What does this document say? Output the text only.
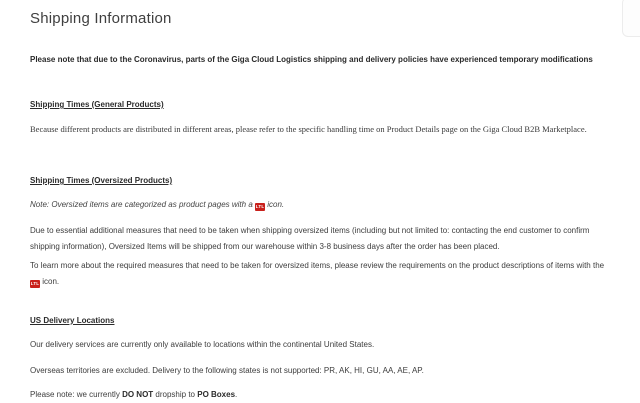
Shipping Information

Please note that due to the Coronavirus, parts of the Giga Cloud Logistics shipping and delivery policies have experienced temporary modifications

Shipping Times (General Products)

Because different products are distributed in different areas, please refer to the specific handling time on Product Details page on the Giga Cloud B2B Marketplace.

Shipping Times (Oversized Products)

Note: Oversized items are categorized as product pages with a LTL icon.

Due to essential additional measures that need to be taken when shipping oversized items (including but not limited to: contacting the end customer to confirm shipping information), Oversized Items will be shipped from our warehouse within 3-8 business days after the order has been placed.

To learn more about the required measures that need to be taken for oversized items, please review the requirements on the product descriptions of items with the LTL icon.

US Delivery Locations

Our delivery services are currently only available to locations within the continental United States.

Overseas territories are excluded. Delivery to the following states is not supported: PR, AK, HI, GU, AA, AE, AP.

Please note: we currently DO NOT dropship to PO Boxes.
